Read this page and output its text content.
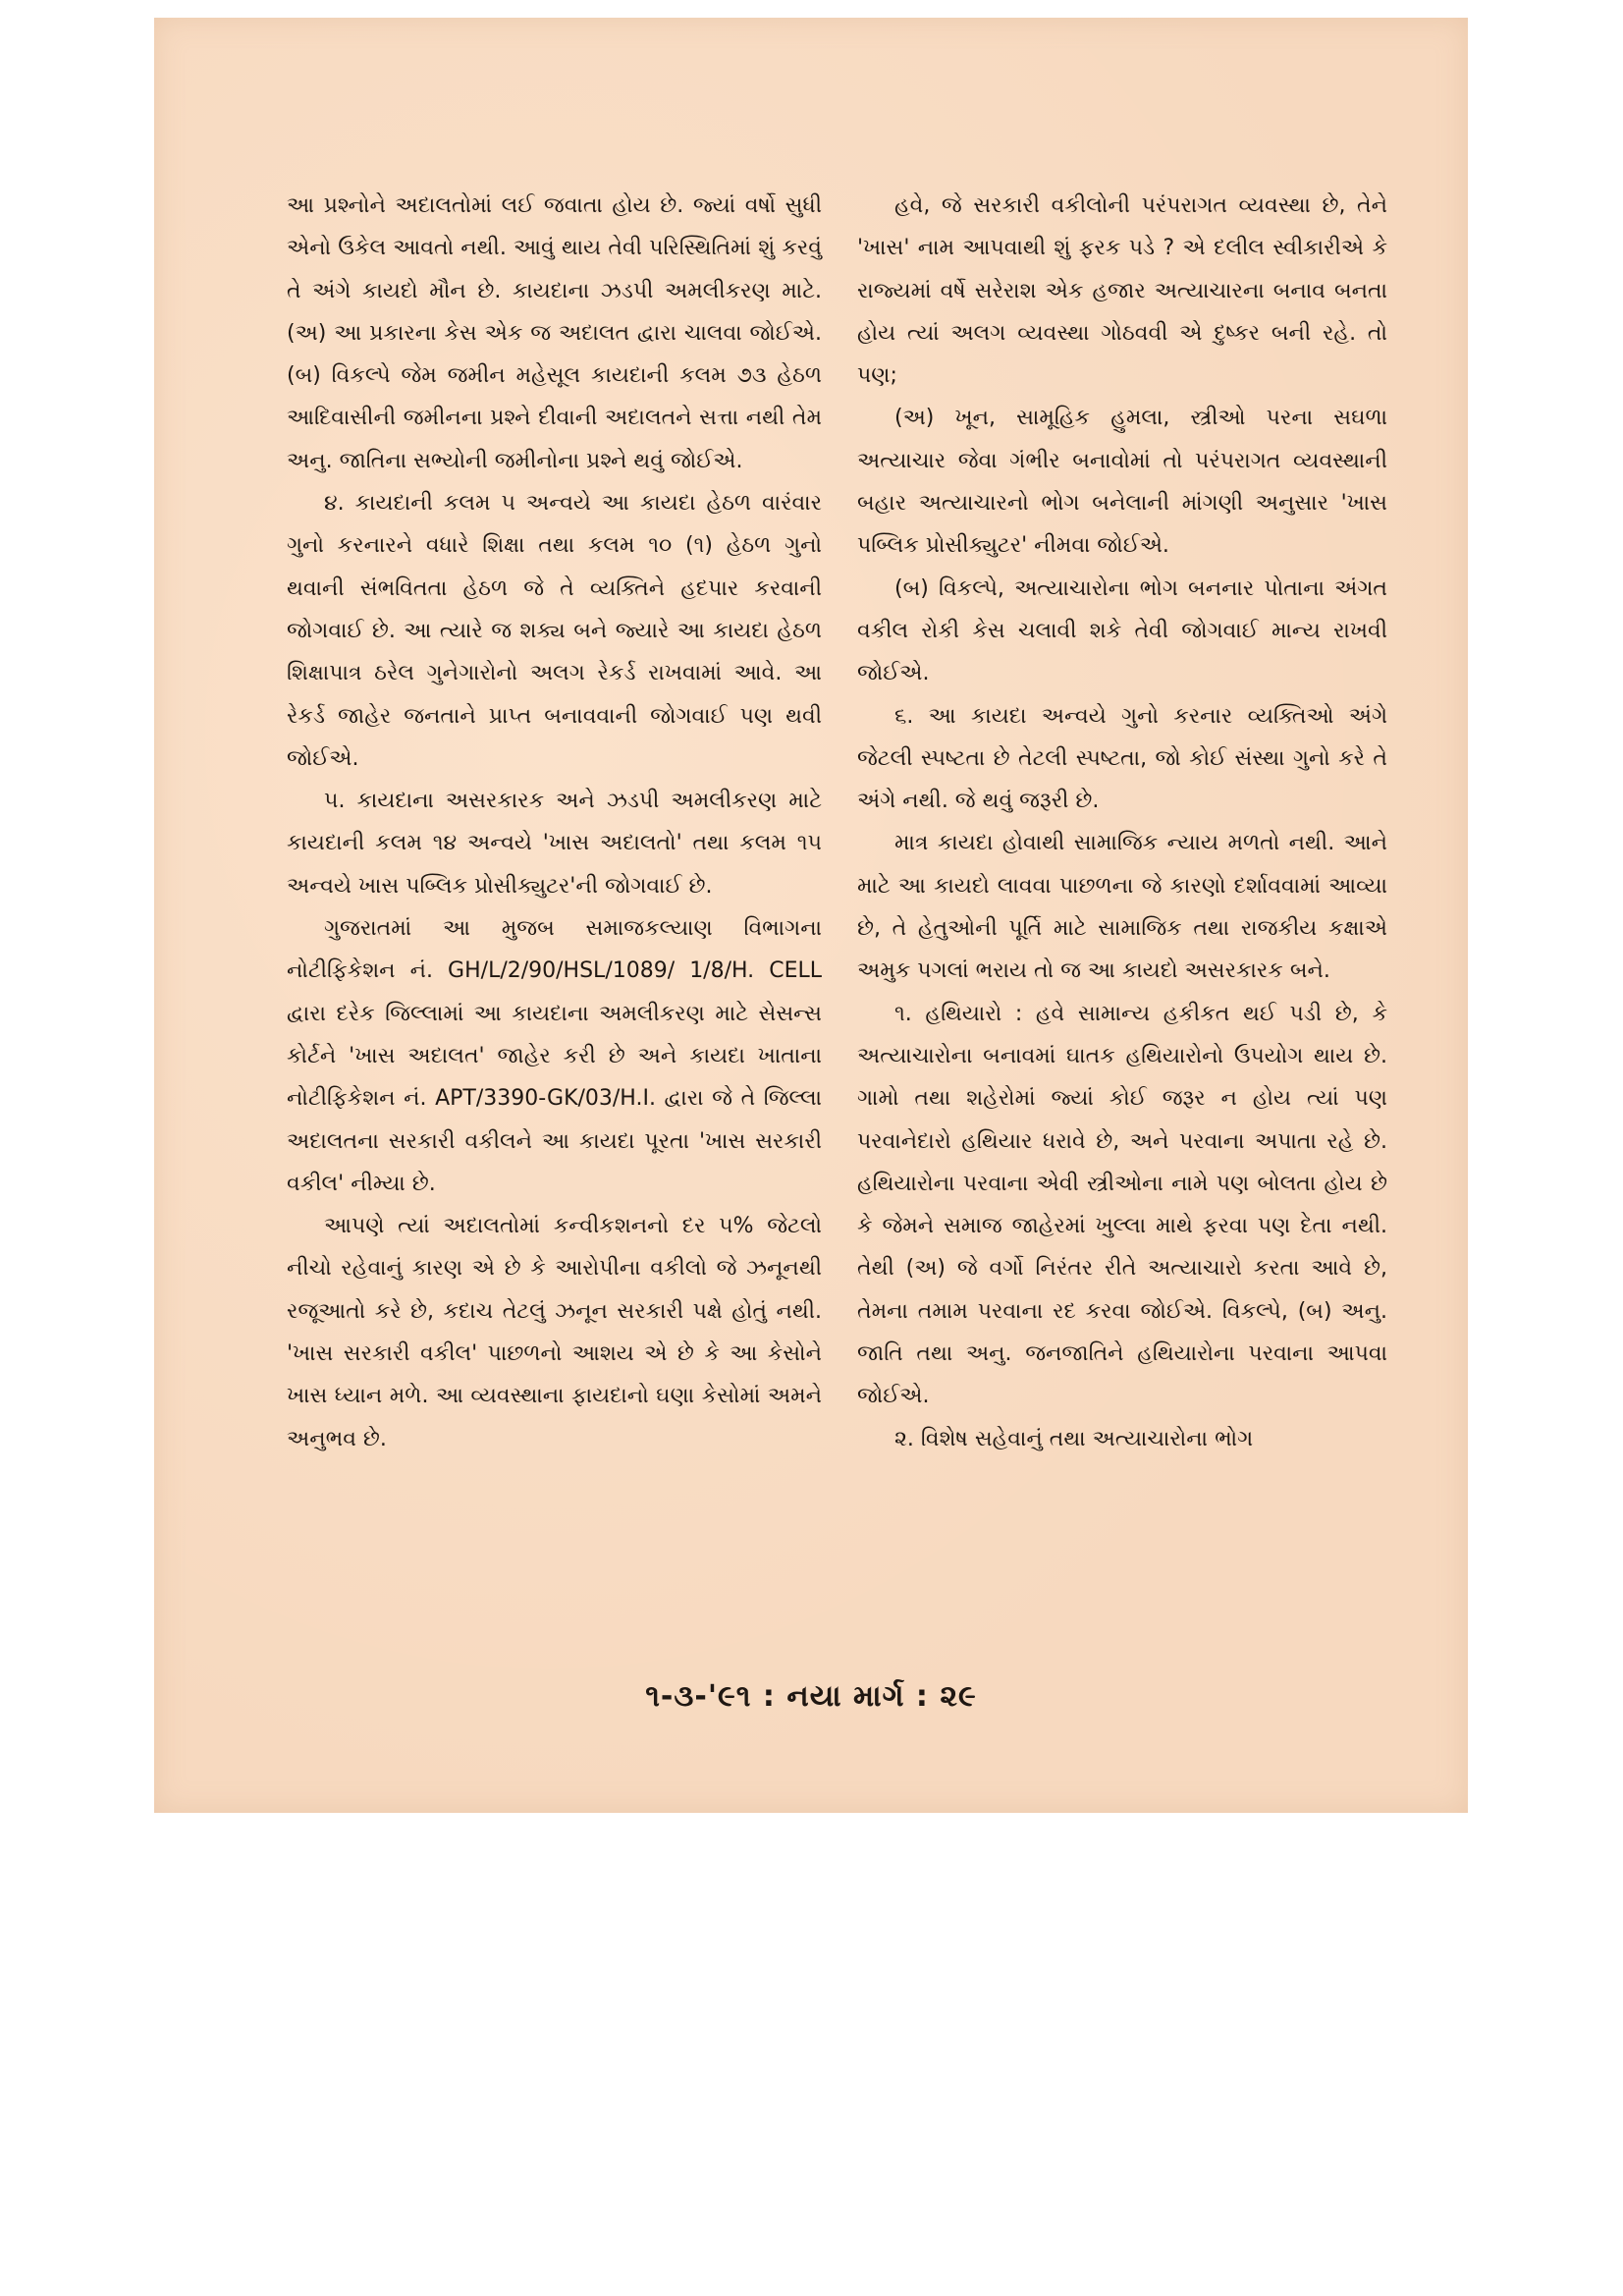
આ પ્રશ્નોને અદાલતોમાં લઈ જવાતા હોય છે. જ્યાં વર્ષો સુધી એનો ઉકેલ આવતો નથી. આવું થાય તેવી પરિસ્થિતિમાં શું કરવું તે અંગે કાયદો મૌન છે. કાયદાના ઝડપી અમલીકરણ માટે. (અ) આ પ્રકારના કેસ એક જ અદાલત દ્વારા ચાલવા જોઈએ. (બ) વિકલ્પે જેમ જમીન મહેસૂલ કાયદાની કલમ ૭૩ હેઠળ આદિવાસીની જમીનના પ્રશ્ને દીવાની અદાલતને સત્તા નથી તેમ અનુ. જાતિના સભ્યોની જમીનોના પ્રશ્ને થવું જોઈએ.

૪. કાયદાની કલમ ૫ અન્વયે આ કાયદા હેઠળ વારંવાર ગુનો કરનારને વધારે શિક્ષા તથા કલમ ૧૦ (૧) હેઠળ ગુનો થવાની સંભવિતતા હેઠળ જે તે વ્યક્તિને હદપાર કરવાની જોગવાઈ છે. આ ત્યારે જ શક્ય બને જ્યારે આ કાયદા હેઠળ શિક્ષાપાત્ર ઠરેલ ગુનેગારોનો અલગ રેકર્ડ રાખવામાં આવે. આ રેકર્ડ જાહેર જનતાને પ્રાપ્ત બનાવવાની જોગવાઈ પણ થવી જોઈએ.

૫. કાયદાના અસરકારક અને ઝડપી અમલીકરણ માટે કાયદાની કલમ ૧૪ અન્વયે 'ખાસ અદાલતો' તથા કલમ ૧૫ અન્વયે ખાસ પબ્લિક પ્રોસીક્યુટર'ની જોગવાઈ છે.

ગુજરાતમાં આ મુજબ સમાજકલ્યાણ વિભાગના નોટીફિકેશન નં. GH/L/2/90/HSL/1089/ 1/8/H. CELL દ્વારા દરેક જિલ્લામાં આ કાયદાના અમલીકરણ માટે સેસન્સ કોર્ટને 'ખાસ અદાલત' જાહેર કરી છે અને કાયદા ખાતાના નોટીફિકેશન નં. APT/3390-GK/03/H.I. દ્વારા જે તે જિલ્લા અદાલતના સરકારી વકીલને આ કાયદા પૂરતા 'ખાસ સરકારી વકીલ' નીમ્યા છે.

આપણે ત્યાં અદાલતોમાં કન્વીકશનનો દર ૫% જેટલો નીચો રહેવાનું કારણ એ છે કે આરોપીના વકીલો જે ઝનૂનથી રજૂઆતો કરે છે, કદાચ તેટલું ઝનૂન સરકારી પક્ષે હોતું નથી. 'ખાસ સરકારી વકીલ' પાછળનો આશય એ છે કે આ કેસોને ખાસ ધ્યાન મળે. આ વ્યવસ્થાના ફાયદાનો ઘણા કેસોમાં અમને અનુભવ છે.

હવે, જે સરકારી વકીલોની પરંપરાગત વ્યવસ્થા છે, તેને 'ખાસ' નામ આપવાથી શું ફરક પડે ? એ દલીલ સ્વીકારીએ કે રાજ્યમાં વર્ષે સરેરાશ એક હજાર અત્યાચારના બનાવ બનતા હોય ત્યાં અલગ વ્યવસ્થા ગોઠવવી એ દુષ્કર બની રહે. તો પણ;

(અ) ખૂન, સામૂહિક હુમલા, સ્ત્રીઓ પરના સઘળા અત્યાચાર જેવા ગંભીર બનાવોમાં તો પરંપરાગત વ્યવસ્થાની બહાર અત્યાચારનો ભોગ બનેલાની માંગણી અનુસાર 'ખાસ પબ્લિક પ્રોસીક્યુટર' નીમવા જોઈએ.

(બ) વિકલ્પે, અત્યાચારોના ભોગ બનનાર પોતાના અંગત વકીલ રોકી કેસ ચલાવી શકે તેવી જોગવાઈ માન્ય રાખવી જોઈએ.

૬. આ કાયદા અન્વયે ગુનો કરનાર વ્યક્તિઓ અંગે જેટલી સ્પષ્ટતા છે તેટલી સ્પષ્ટતા, જો કોઈ સંસ્થા ગુનો કરે તે અંગે નથી. જે થવું જરૂરી છે.

માત્ર કાયદા હોવાથી સામાજિક ન્યાય મળતો નથી. આને માટે આ કાયદો લાવવા પાછળના જે કારણો દર્શાવવામાં આવ્યા છે, તે હેતુઓની પૂર્તિ માટે સામાજિક તથા રાજકીય કક્ષાએ અમુક પગલાં ભરાય તો જ આ કાયદો અસરકારક બને.

૧. હથિયારો : હવે સામાન્ય હકીકત થઈ પડી છે, કે અત્યાચારોના બનાવમાં ઘાતક હથિયારોનો ઉપયોગ થાય છે. ગામો તથા શહેરોમાં જ્યાં કોઈ જરૂર ન હોય ત્યાં પણ પરવાનેદારો હથિયાર ધરાવે છે, અને પરવાના અપાતા રહે છે. હથિયારોના પરવાના એવી સ્ત્રીઓના નામે પણ બોલતા હોય છે કે જેમને સમાજ જાહેરમાં ખુલ્લા માથે ફરવા પણ દેતા નથી. તેથી (અ) જે વર્ગો નિરંતર રીતે અત્યાચારો કરતા આવે છે, તેમના તમામ પરવાના રદ કરવા જોઈએ. વિકલ્પે, (બ) અનુ. જાતિ તથા અનુ. જનજાતિને હથિયારોના પરવાના આપવા જોઈએ.

૨. વિશેષ સહેવાનું તથા અત્યાચારોના ભોગ

૧-૩-'૯૧ : નયા માર્ગ : ૨૯
